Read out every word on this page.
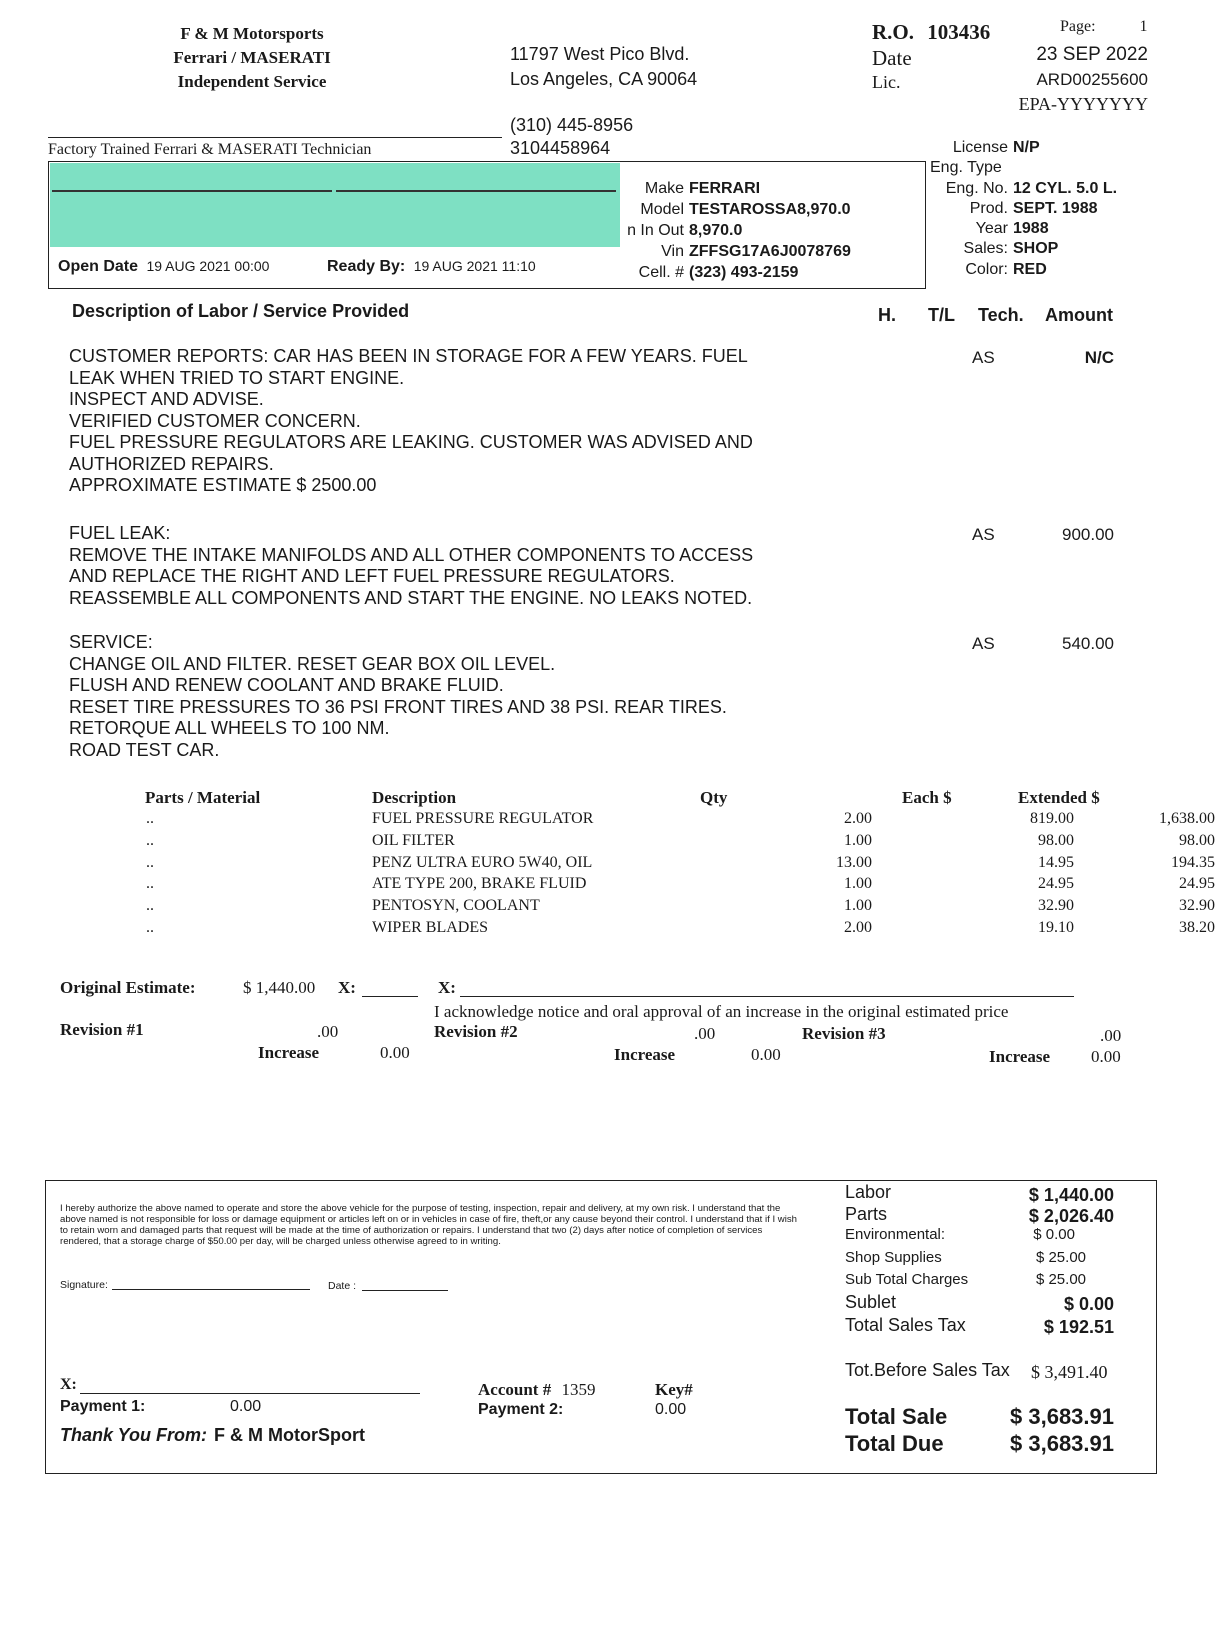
F & M Motorsports
Ferrari / MASERATI
Independent Service
11797 West Pico Blvd.
Los Angeles, CA 90064
(310) 445-8956
3104458964
Factory Trained Ferrari & MASERATI Technician
R.O. 103436	Page:	1
Date	23 SEP 2022
Lic.	ARD00255600
EPA-YYYYYYY
Open Date 19 AUG 2021 00:00	Ready By: 19 AUG 2021 11:10
Make FERRARI
Model TESTAROSSA8,970.0
n In Out 8,970.0
Vin ZFFSG17A6J0078769
Cell. # (323) 493-2159
License N/P
Eng. Type
Eng. No. 12 CYL. 5.0 L.
Prod. SEPT. 1988
Year 1988
Sales: SHOP
Color: RED
Description of Labor / Service Provided	H. T/L Tech. Amount
CUSTOMER REPORTS: CAR HAS BEEN IN STORAGE FOR A FEW YEARS. FUEL
LEAK WHEN TRIED TO START ENGINE.
INSPECT AND ADVISE.
VERIFIED CUSTOMER CONCERN.
FUEL PRESSURE REGULATORS ARE LEAKING. CUSTOMER WAS ADVISED AND
AUTHORIZED REPAIRS.
APPROXIMATE ESTIMATE $ 2500.00
AS	N/C
FUEL LEAK:
REMOVE THE INTAKE MANIFOLDS AND ALL OTHER COMPONENTS TO ACCESS
AND REPLACE THE RIGHT AND LEFT FUEL PRESSURE REGULATORS.
REASSEMBLE ALL COMPONENTS AND START THE ENGINE. NO LEAKS NOTED.
AS	900.00
SERVICE:
CHANGE OIL AND FILTER. RESET GEAR BOX OIL LEVEL.
FLUSH AND RENEW COOLANT AND BRAKE FLUID.
RESET TIRE PRESSURES TO 36 PSI FRONT TIRES AND 38 PSI. REAR TIRES.
RETORQUE ALL WHEELS TO 100 NM.
ROAD TEST CAR.
AS	540.00
Parts / Material	Description	Qty	Each $	Extended $
..	FUEL PRESSURE REGULATOR	2.00	819.00	1,638.00
..	OIL FILTER	1.00	98.00	98.00
..	PENZ ULTRA EURO 5W40, OIL	13.00	14.95	194.35
..	ATE TYPE 200, BRAKE FLUID	1.00	24.95	24.95
..	PENTOSYN, COOLANT	1.00	32.90	32.90
..	WIPER BLADES	2.00	19.10	38.20
Original Estimate:	$ 1,440.00 X:	X:
I acknowledge notice and oral approval of an increase in the original estimated price
Revision #1	.00
Increase	0.00
Revision #2	.00
Increase	0.00
Revision #3	.00
Increase 0.00
I hereby authorize the above named to operate and store the above vehicle for the purpose of testing, inspection, repair and delivery, at my own risk. I understand that the above named is not responsible for loss or damage equipment or articles left on or in vehicles in case of fire, theft,or any cause beyond their control. I understand that if I wish to retain worn and damaged parts that request will be made at the time of authorization or repairs. I understand that two (2) days after notice of completion of services rendered, that a storage charge of $50.00 per day, will be charged unless otherwise agreed to in writing.
Signature:	Date :
X:
Payment 1:	0.00
Account # 1359	Key#
Payment 2:	0.00
Thank You From: F & M MotorSport
Labor	$ 1,440.00
Parts	$ 2,026.40
Environmental:	$ 0.00
Shop Supplies	$ 25.00
Sub Total Charges	$ 25.00
Sublet	$ 0.00
Total Sales Tax	$ 192.51
Tot.Before Sales Tax $ 3,491.40
Total Sale	$ 3,683.91
Total Due	$ 3,683.91
